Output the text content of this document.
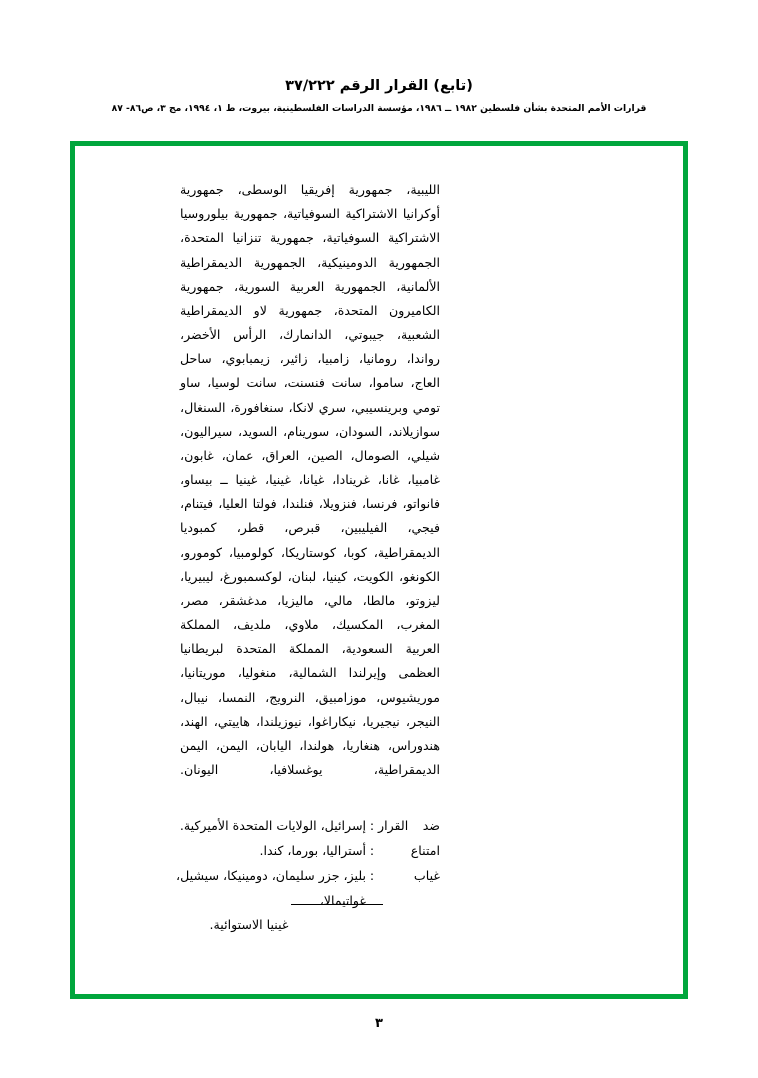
(تابع) القرار الرقم ٣٧/٢٢٢
قرارات الأمم المتحدة بشأن فلسطين ١٩٨٢ ــ ١٩٨٦، مؤسسة الدراسات الفلسطينية، بيروت، ط ١، ١٩٩٤، مج ٣، ص٨٦- ٨٧
الليبية، جمهورية إفريقيا الوسطى، جمهورية أوكرانيا الاشتراكية السوفياتية، جمهورية بيلوروسيا الاشتراكية السوفياتية، جمهورية تنزانيا المتحدة، الجمهورية الدومينيكية، الجمهورية الديمقراطية الألمانية، الجمهورية العربية السورية، جمهورية الكاميرون المتحدة، جمهورية لاو الديمقراطية الشعبية، جيبوتي، الدانمارك، الرأس الأخضر، رواندا، رومانيا، زامبيا، زائير، زيمبابوي، ساحل العاج، ساموا، سانت فنسنت، سانت لوسيا، ساو تومي وبرينسيبي، سري لانكا، سنغافورة، السنغال، سوازيلاند، السودان، سورينام، السويد، سيراليون، شيلي، الصومال، الصين، العراق، عمان، غابون، غامبيا، غانا، غرينادا، غيانا، غينيا، غينيا ــ بيساو، فانواتو، فرنسا، فنزويلا، فنلندا، فولتا العليا، فيتنام، فيجي، الفيليبين، قبرص، قطر، كمبوديا الديمقراطية، كوبا، كوستاريكا، كولومبيا، كومورو، الكونغو، الكويت، كينيا، لبنان، لوكسمبورغ، ليبيريا، ليزوتو، مالطا، مالي، ماليزيا، مدغشقر، مصر، المغرب، المكسيك، ملاوي، ملديف، المملكة العربية السعودية، المملكة المتحدة لبريطانيا العظمى وإيرلندا الشمالية، منغوليا، موريتانيا، موريشيوس، موزامبيق، النرويج، النمسا، نيبال، النيجر، نيجيريا، نيكاراغوا، نيوزيلندا، هاييتي، الهند، هندوراس، هنغاريا، هولندا، اليابان، اليمن، اليمن الديمقراطية، يوغسلافيا، اليونان.
ضد القرار
:
إسرائيل، الولايات المتحدة الأميركية.
امتناع
:
أستراليا، بورما، كندا.
غياب
:
بليز، جزر سليمان، دومينيكا، سيشيل، غواتيمالا،
غينيا الاستوائية.
٣
